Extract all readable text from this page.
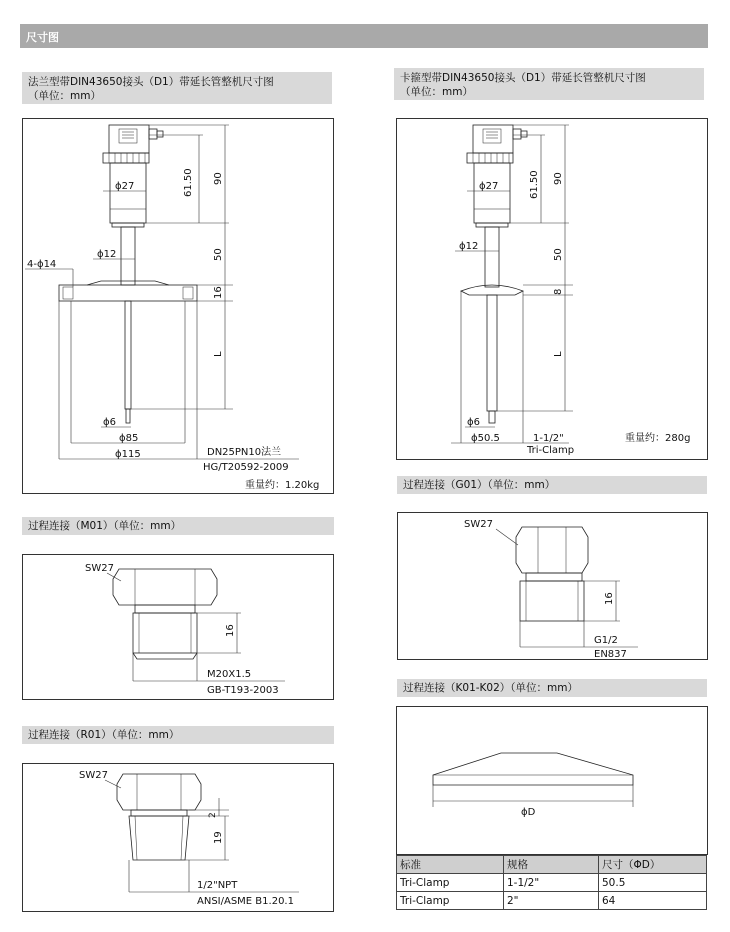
尺寸图
法兰型带DIN43650接头（D1）带延长管整机尺寸图
（单位：mm）
卡箍型带DIN43650接头（D1）带延长管整机尺寸图
（单位：mm）
过程连接（M01）（单位：mm）
过程连接（G01）（单位：mm）
过程连接（K01-K02）（单位：mm）
过程连接（R01）（单位：mm）
ϕ27
ϕ12
4-ϕ14
61.50 90
50
16
L
ϕ6
ϕ85
ϕ115	DN25PN10法兰
HG/T20592-2009
重量约：1.20kg
ϕ27
ϕ12
61.50 90
50
8
L
ϕ6
ϕ50.5	1-1/2"
Tri-Clamp
重量约：280g
SW27
16
M20X1.5
GB-T193-2003
SW27
16
G1/2
EN837
ϕD
标准	规格	尺寸（ΦD）
Tri-Clamp	1-1/2"	50.5
Tri-Clamp	2"	64
SW27
2
19
1/2"NPT
ANSI/ASME B1.20.1
